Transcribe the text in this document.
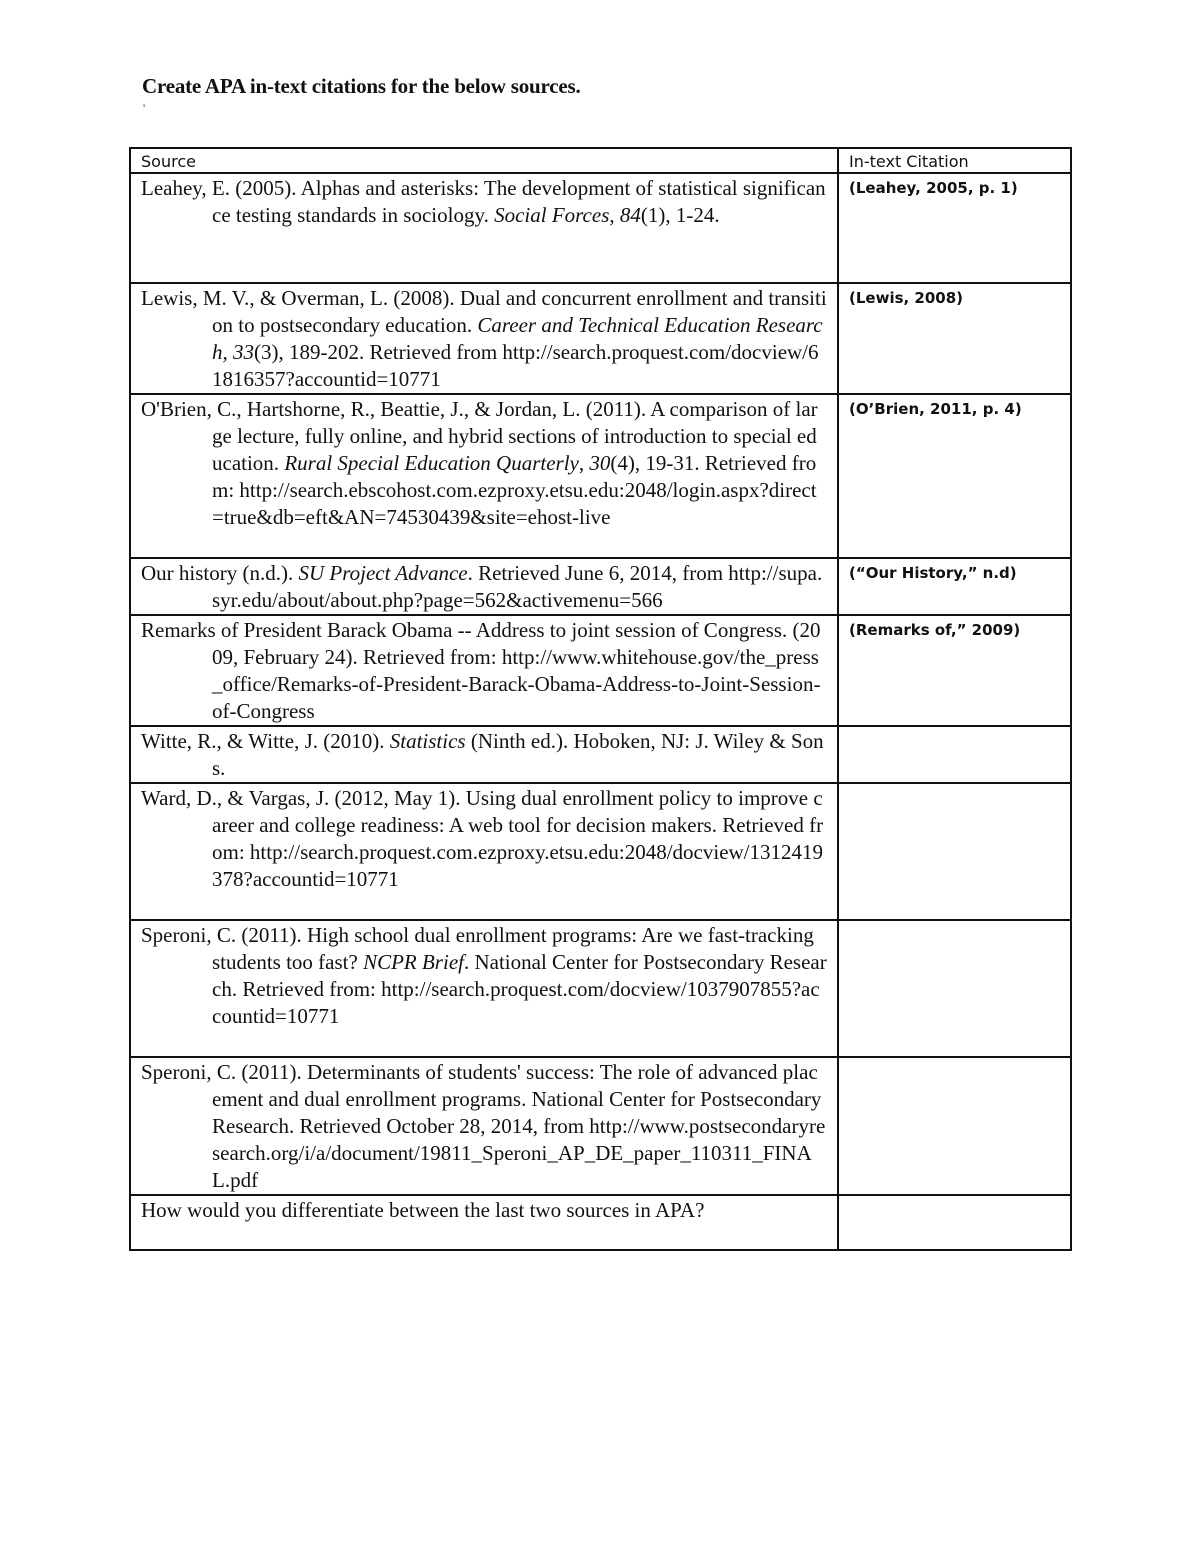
Create APA in-text citations for the below sources.
'
Source	In-text Citation
Leahey, E. (2005). Alphas and asterisks: The development of statistical significance testing standards in sociology. Social Forces, 84(1), 1-24.	(Leahey, 2005, p. 1)
Lewis, M. V., & Overman, L. (2008). Dual and concurrent enrollment and transition to postsecondary education. Career and Technical Education Research, 33(3), 189-202. Retrieved from http://search.proquest.com/docview/61816357?accountid=10771	(Lewis, 2008)
O'Brien, C., Hartshorne, R., Beattie, J., & Jordan, L. (2011). A comparison of large lecture, fully online, and hybrid sections of introduction to special education. Rural Special Education Quarterly, 30(4), 19-31. Retrieved from: http://search.ebscohost.com.ezproxy.etsu.edu:2048/login.aspx?direct=true&db=eft&AN=74530439&site=ehost-live	(O’Brien, 2011, p. 4)
Our history (n.d.). SU Project Advance. Retrieved June 6, 2014, from http://supa.syr.edu/about/about.php?page=562&activemenu=566	(“Our History,” n.d)
Remarks of President Barack Obama -- Address to joint session of Congress. (2009, February 24). Retrieved from: http://www.whitehouse.gov/the_press_office/Remarks-of-President-Barack-Obama-Address-to-Joint-Session-of-Congress	(Remarks of,” 2009)
Witte, R., & Witte, J. (2010). Statistics (Ninth ed.). Hoboken, NJ: J. Wiley & Sons.	
Ward, D., & Vargas, J. (2012, May 1). Using dual enrollment policy to improve career and college readiness: A web tool for decision makers. Retrieved from: http://search.proquest.com.ezproxy.etsu.edu:2048/docview/1312419378?accountid=10771	
Speroni, C. (2011). High school dual enrollment programs: Are we fast-tracking students too fast? NCPR Brief. National Center for Postsecondary Research. Retrieved from: http://search.proquest.com/docview/1037907855?accountid=10771	
Speroni, C. (2011). Determinants of students' success: The role of advanced placement and dual enrollment programs. National Center for Postsecondary Research. Retrieved October 28, 2014, from http://www.postsecondaryresearch.org/i/a/document/19811_Speroni_AP_DE_paper_110311_FINAL.pdf	
How would you differentiate between the last two sources in APA?	
